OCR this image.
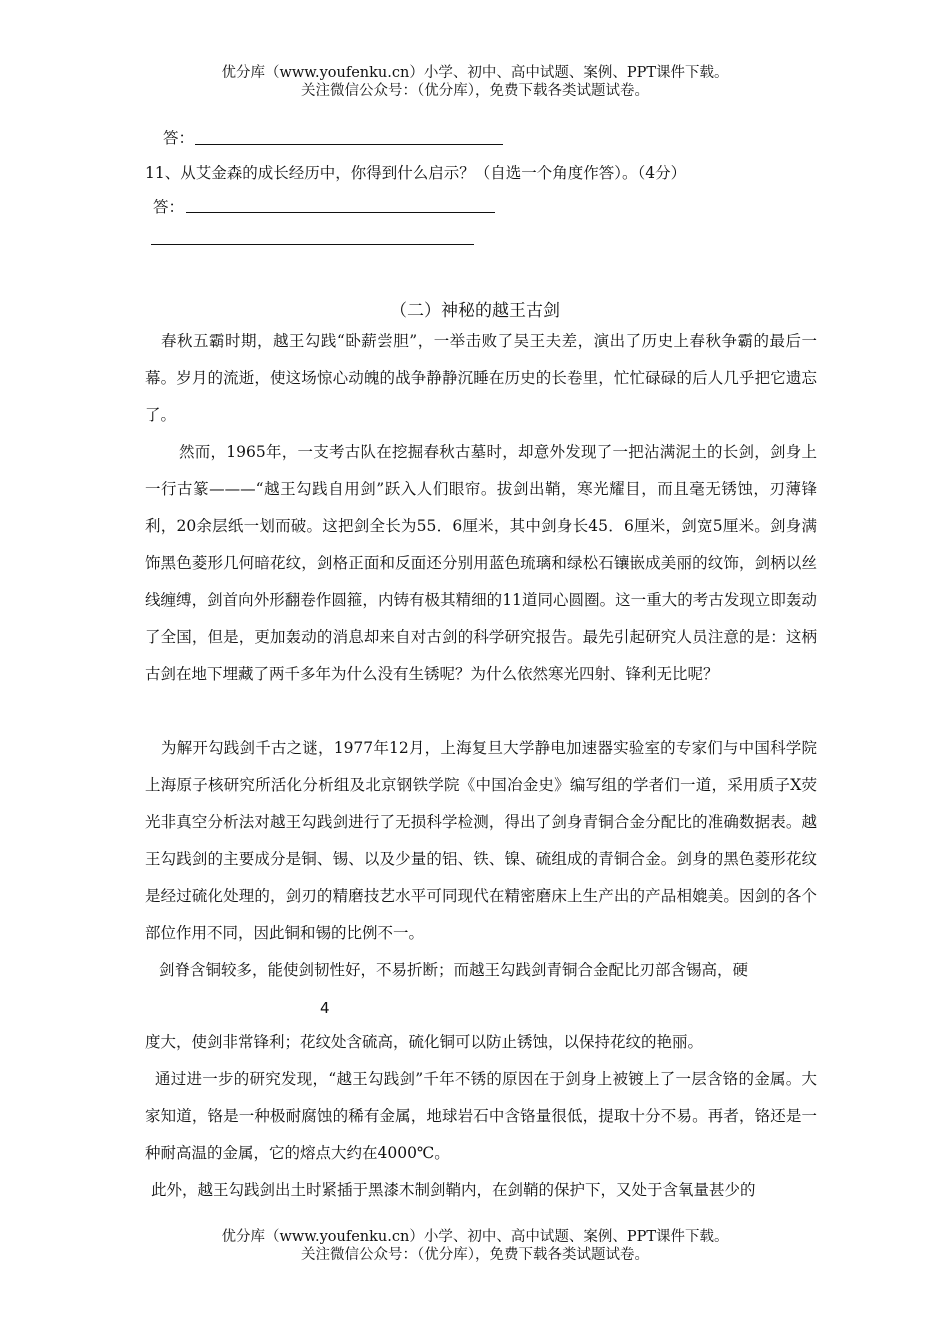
优分库（www.youfenku.cn）小学、初中、高中试题、案例、PPT课件下载。
关注微信公众号：（优分库），免费下载各类试题试卷。
答：
11、从艾金森的成长经历中，你得到什么启示？（自选一个角度作答）。（4分）
答：
（二）神秘的越王古剑
春秋五霸时期，越王勾践“卧薪尝胆”，一举击败了吴王夫差，演出了历史上春秋争霸的最后一幕。岁月的流逝，使这场惊心动魄的战争静静沉睡在历史的长卷里，忙忙碌碌的后人几乎把它遗忘了。
然而，1965年，一支考古队在挖掘春秋古墓时，却意外发现了一把沾满泥土的长剑，剑身上一行古篆———“越王勾践自用剑”跃入人们眼帘。拔剑出鞘，寒光耀目，而且毫无锈蚀，刃薄锋利，20余层纸一划而破。这把剑全长为55．6厘米，其中剑身长45．6厘米，剑宽5厘米。剑身满饰黑色菱形几何暗花纹，剑格正面和反面还分别用蓝色琉璃和绿松石镶嵌成美丽的纹饰，剑柄以丝线缠缚，剑首向外形翻卷作圆箍，内铸有极其精细的11道同心圆圈。这一重大的考古发现立即轰动了全国，但是，更加轰动的消息却来自对古剑的科学研究报告。最先引起研究人员注意的是：这柄古剑在地下埋藏了两千多年为什么没有生锈呢？为什么依然寒光四射、锋利无比呢？
为解开勾践剑千古之谜，1977年12月，上海复旦大学静电加速器实验室的专家们与中国科学院上海原子核研究所活化分析组及北京钢铁学院《中国冶金史》编写组的学者们一道，采用质子X荧光非真空分析法对越王勾践剑进行了无损科学检测，得出了剑身青铜合金分配比的准确数据表。越王勾践剑的主要成分是铜、锡、以及少量的铝、铁、镍、硫组成的青铜合金。剑身的黑色菱形花纹是经过硫化处理的，剑刃的精磨技艺水平可同现代在精密磨床上生产出的产品相媲美。因剑的各个部位作用不同，因此铜和锡的比例不一。
剑脊含铜较多，能使剑韧性好，不易折断；而越王勾践剑青铜合金配比刃部含锡高，硬
4
度大，使剑非常锋利；花纹处含硫高，硫化铜可以防止锈蚀，以保持花纹的艳丽。
通过进一步的研究发现，“越王勾践剑”千年不锈的原因在于剑身上被镀上了一层含铬的金属。大家知道，铬是一种极耐腐蚀的稀有金属，地球岩石中含铬量很低，提取十分不易。再者，铬还是一种耐高温的金属，它的熔点大约在4000℃。
此外，越王勾践剑出土时紧插于黑漆木制剑鞘内，在剑鞘的保护下，又处于含氧量甚少的
优分库（www.youfenku.cn）小学、初中、高中试题、案例、PPT课件下载。
关注微信公众号：（优分库），免费下载各类试题试卷。
